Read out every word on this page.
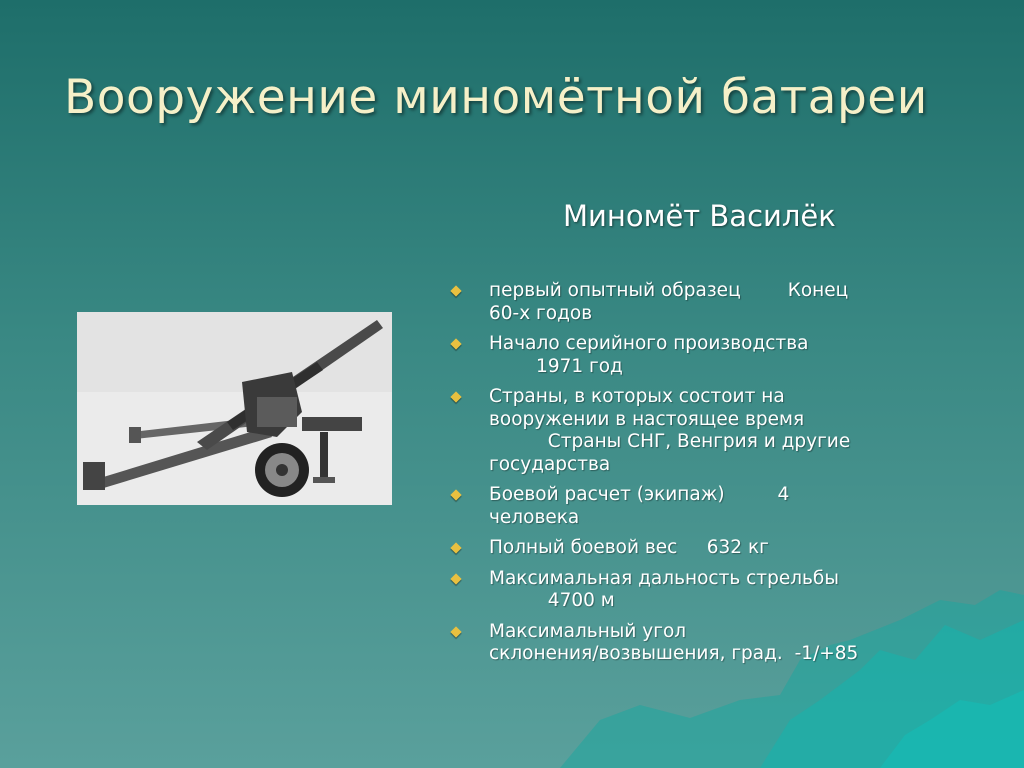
Вооружение миномётной батареи
Миномёт Василёк
первый опытный образец        Конец
60-х годов
Начало серийного производства
1971 год
Страны, в которых состоит на
вооружении в настоящее время
Страны СНГ, Венгрия и другие
государства
Боевой расчет (экипаж)         4
человека
Полный боевой вес     632 кг
Максимальная дальность стрельбы
4700 м
Максимальный угол
склонения/возвышения, град.  -1/+85
